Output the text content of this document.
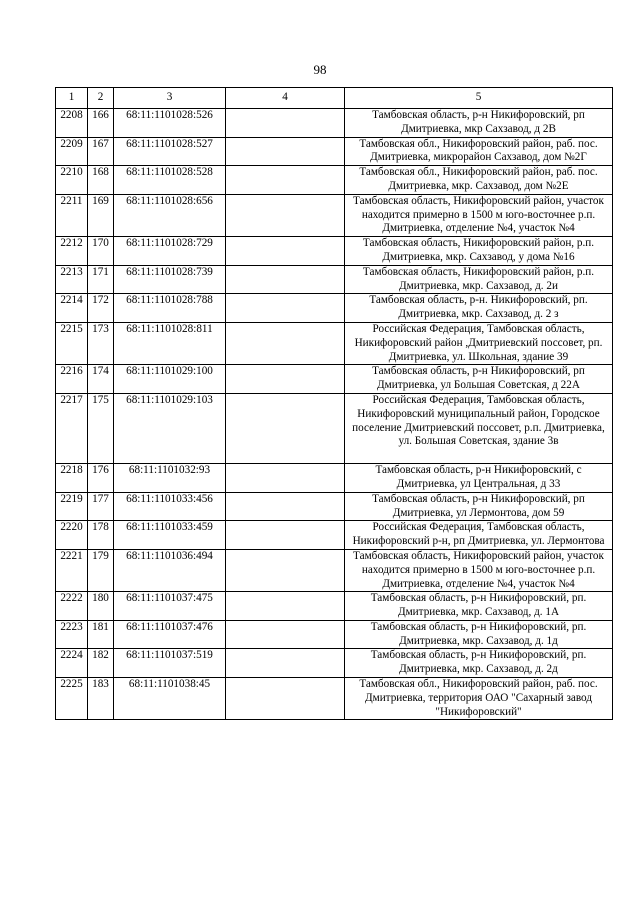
98
1	2	3	4	5
2208	166	68:11:1101028:526		Тамбовская область, р-н Никифоровский, рп Дмитриевка, мкр Сахзавод, д 2В
2209	167	68:11:1101028:527		Тамбовская обл., Никифоровский район, раб. пос. Дмитриевка, микрорайон Сахзавод, дом №2Г
2210	168	68:11:1101028:528		Тамбовская обл., Никифоровский район, раб. пос. Дмитриевка, мкр. Сахзавод, дом №2Е
2211	169	68:11:1101028:656		Тамбовская область, Никифоровский район, участок находится примерно в 1500 м юго-восточнее р.п. Дмитриевка, отделение №4, участок №4
2212	170	68:11:1101028:729		Тамбовская область, Никифоровский район, р.п. Дмитриевка, мкр. Сахзавод, у дома №16
2213	171	68:11:1101028:739		Тамбовская область, Никифоровский район, р.п. Дмитриевка, мкр. Сахзавод, д. 2и
2214	172	68:11:1101028:788		Тамбовская область, р-н. Никифоровский, рп. Дмитриевка, мкр. Сахзавод, д. 2 з
2215	173	68:11:1101028:811		Российская Федерация, Тамбовская область, Никифоровский район ,Дмитриевский поссовет, рп. Дмитриевка, ул. Школьная, здание 39
2216	174	68:11:1101029:100		Тамбовская область, р-н Никифоровский, рп Дмитриевка, ул Большая Советская, д 22А
2217	175	68:11:1101029:103		Российская Федерация, Тамбовская область, Никифоровский муниципальный район, Городское поселение Дмитриевский поссовет, р.п. Дмитриевка, ул. Большая Советская, здание 3в
2218	176	68:11:1101032:93		Тамбовская область, р-н Никифоровский, с Дмитриевка, ул Центральная, д 33
2219	177	68:11:1101033:456		Тамбовская область, р-н Никифоровский, рп Дмитриевка, ул Лермонтова, дом 59
2220	178	68:11:1101033:459		Российская Федерация, Тамбовская область, Никифоровский р-н, рп Дмитриевка, ул. Лермонтова
2221	179	68:11:1101036:494		Тамбовская область, Никифоровский район, участок находится примерно в 1500 м юго-восточнее р.п. Дмитриевка, отделение №4, участок №4
2222	180	68:11:1101037:475		Тамбовская область, р-н Никифоровский, рп. Дмитриевка, мкр. Сахзавод, д. 1А
2223	181	68:11:1101037:476		Тамбовская область, р-н Никифоровский, рп. Дмитриевка, мкр. Сахзавод, д. 1д
2224	182	68:11:1101037:519		Тамбовская область, р-н Никифоровский, рп. Дмитриевка, мкр. Сахзавод, д. 2д
2225	183	68:11:1101038:45		Тамбовская обл., Никифоровский район, раб. пос. Дмитриевка, территория ОАО "Сахарный завод "Никифоровский"
